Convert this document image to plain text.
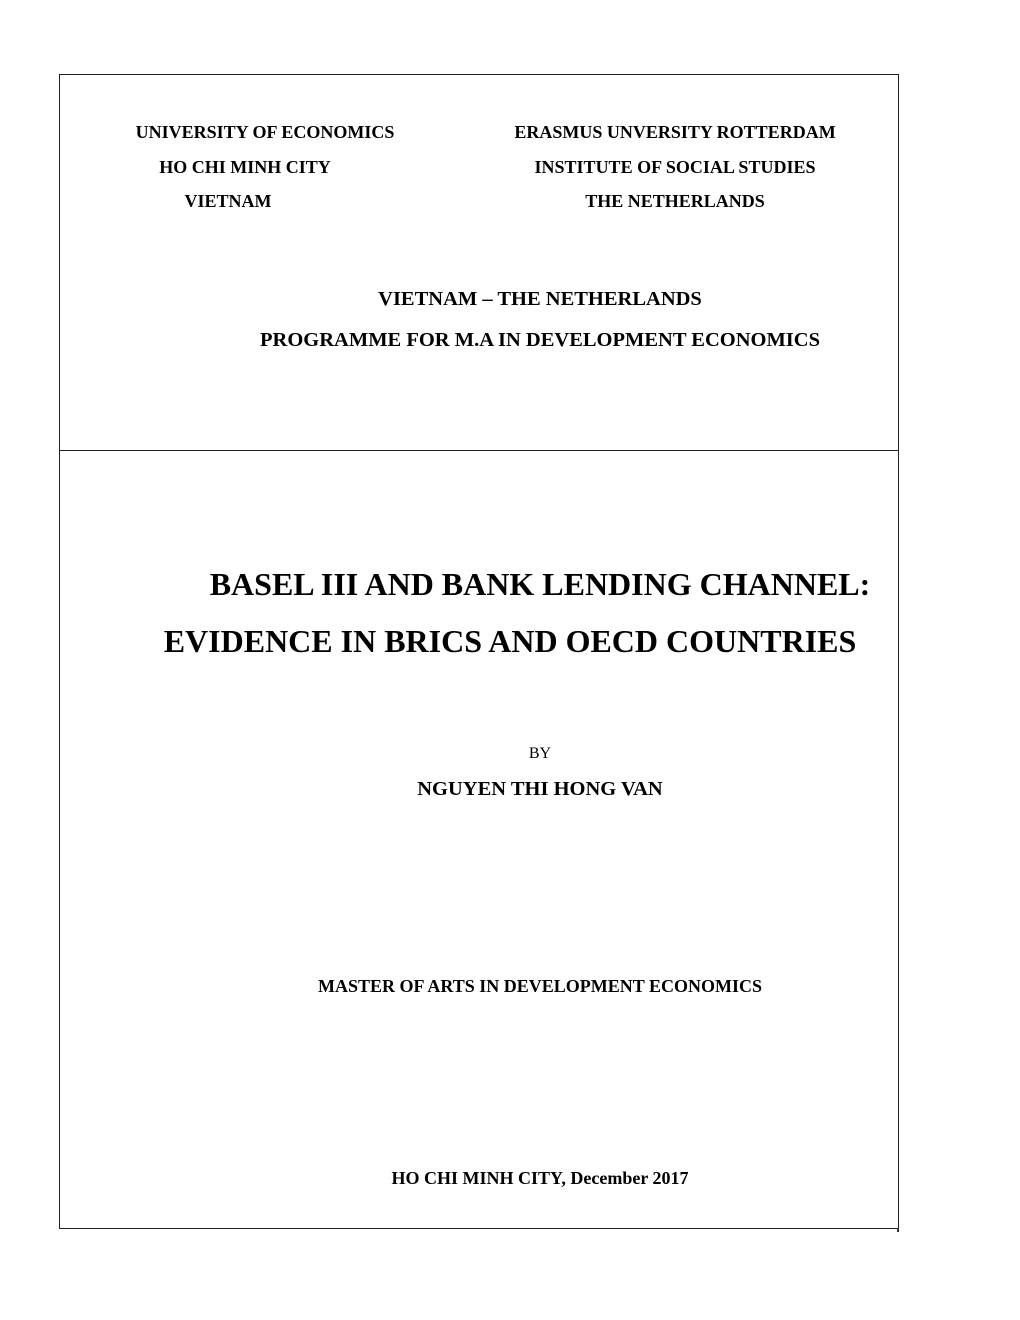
UNIVERSITY OF ECONOMICS
HO CHI MINH CITY
VIETNAM
ERASMUS UNVERSITY ROTTERDAM
INSTITUTE OF SOCIAL STUDIES
THE NETHERLANDS
VIETNAM – THE NETHERLANDS
PROGRAMME FOR M.A IN DEVELOPMENT ECONOMICS
BASEL III AND BANK LENDING CHANNEL:
EVIDENCE IN BRICS AND OECD COUNTRIES
BY
NGUYEN THI HONG VAN
MASTER OF ARTS IN DEVELOPMENT ECONOMICS
HO CHI MINH CITY, December 2017
